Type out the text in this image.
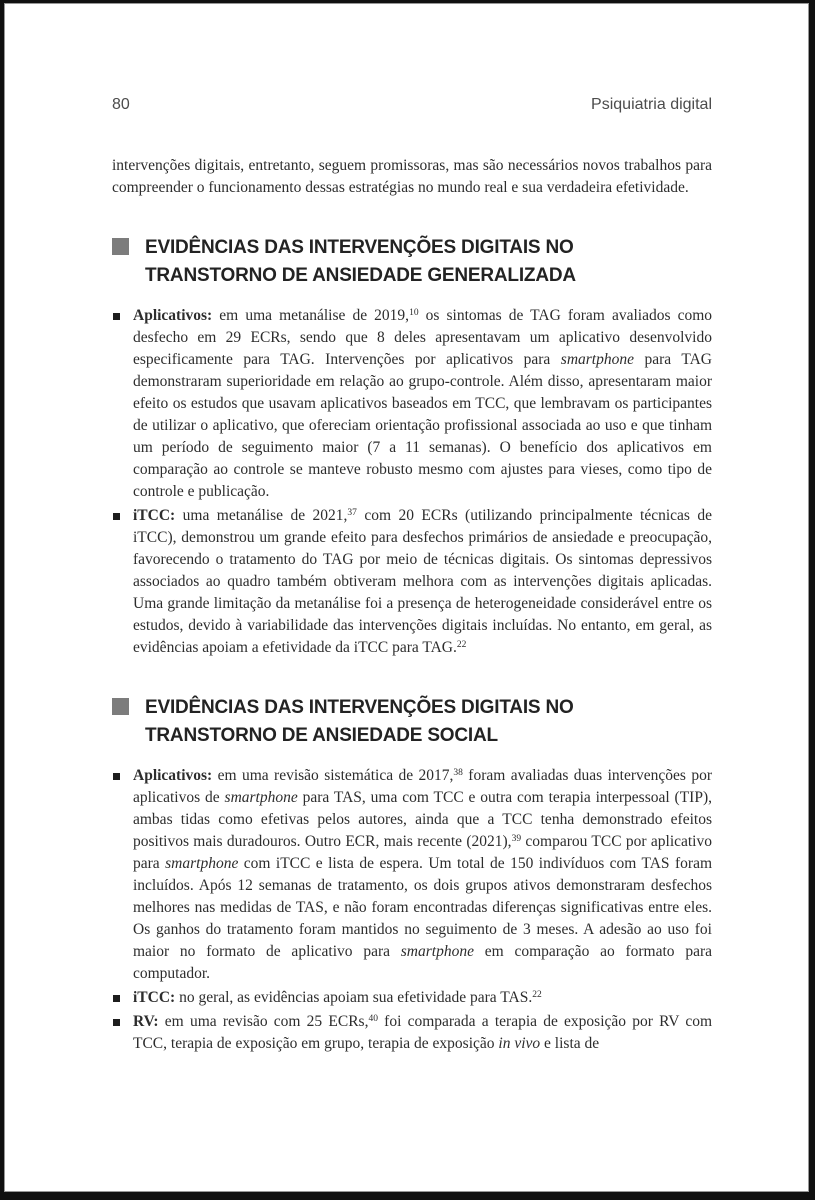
80	Psiquiatria digital

intervenções digitais, entretanto, seguem promissoras, mas são necessários novos trabalhos para compreender o funcionamento dessas estratégias no mundo real e sua verdadeira efetividade.

EVIDÊNCIAS DAS INTERVENÇÕES DIGITAIS NO TRANSTORNO DE ANSIEDADE GENERALIZADA
Aplicativos: em uma metanálise de 2019,10 os sintomas de TAG foram avaliados como desfecho em 29 ECRs, sendo que 8 deles apresentavam um aplicativo desenvolvido especificamente para TAG. Intervenções por aplicativos para smartphone para TAG demonstraram superioridade em relação ao grupo-controle. Além disso, apresentaram maior efeito os estudos que usavam aplicativos baseados em TCC, que lembravam os participantes de utilizar o aplicativo, que ofereciam orientação profissional associada ao uso e que tinham um período de seguimento maior (7 a 11 semanas). O benefício dos aplicativos em comparação ao controle se manteve robusto mesmo com ajustes para vieses, como tipo de controle e publicação.
iTCC: uma metanálise de 2021,37 com 20 ECRs (utilizando principalmente técnicas de iTCC), demonstrou um grande efeito para desfechos primários de ansiedade e preocupação, favorecendo o tratamento do TAG por meio de técnicas digitais. Os sintomas depressivos associados ao quadro também obtiveram melhora com as intervenções digitais aplicadas. Uma grande limitação da metanálise foi a presença de heterogeneidade considerável entre os estudos, devido à variabilidade das intervenções digitais incluídas. No entanto, em geral, as evidências apoiam a efetividade da iTCC para TAG.$^{22}$
EVIDÊNCIAS DAS INTERVENÇÕES DIGITAIS NO TRANSTORNO DE ANSIEDADE SOCIAL
Aplicativos: em uma revisão sistemática de 2017,38 foram avaliadas duas intervenções por aplicativos de smartphone para TAS, uma com TCC e outra com terapia interpessoal (TIP), ambas tidas como efetivas pelos autores, ainda que a TCC tenha demonstrado efeitos positivos mais duradouros. Outro ECR, mais recente (2021),$^{39}$ comparou TCC por aplicativo para smartphone com iTCC e lista de espera. Um total de 150 indivíduos com TAS foram incluídos. Após 12 semanas de tratamento, os dois grupos ativos demonstraram desfechos melhores nas medidas de TAS, e não foram encontradas diferenças significativas entre eles. Os ganhos do tratamento foram mantidos no seguimento de 3 meses. A adesão ao uso foi maior no formato de aplicativo para smartphone em comparação ao formato para computador.
iTCC: no geral, as evidências apoiam sua efetividade para TAS.$^{22}$
RV: em uma revisão com 25 ECRs,$^{40}$ foi comparada a terapia de exposição por RV com TCC, terapia de exposição em grupo, terapia de exposição in vivo e lista de
